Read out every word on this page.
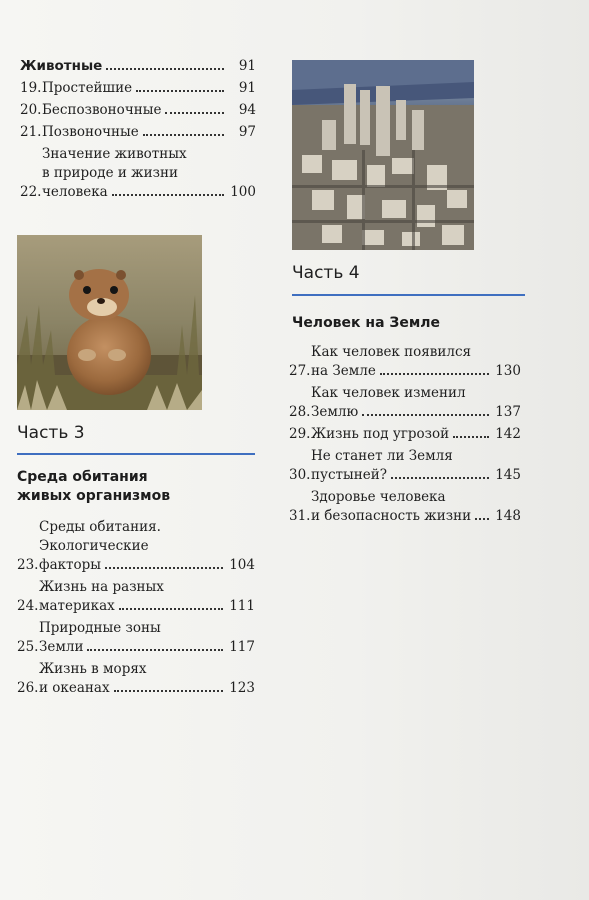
Животные	91
19. Простейшие	91
20. Беспозвоночные	94
21. Позвоночные	97
22.
Значение животных
в природе и жизни
человека	100
Часть 3
Среда обитания
живых организмов
23.
Среды обитания.
Экологические
факторы	104
24.
Жизнь на разных
материках	111
25.
Природные зоны
Земли	117
26.
Жизнь в морях
и океанах	123
Часть 4
Человек на Земле
27.
Как человек появился
на Земле	130
28.
Как человек изменил
Землю	137
29. Жизнь под угрозой	142
30.
Не станет ли Земля
пустыней?	145
31.
Здоровье человека
и безопасность жизни 148
